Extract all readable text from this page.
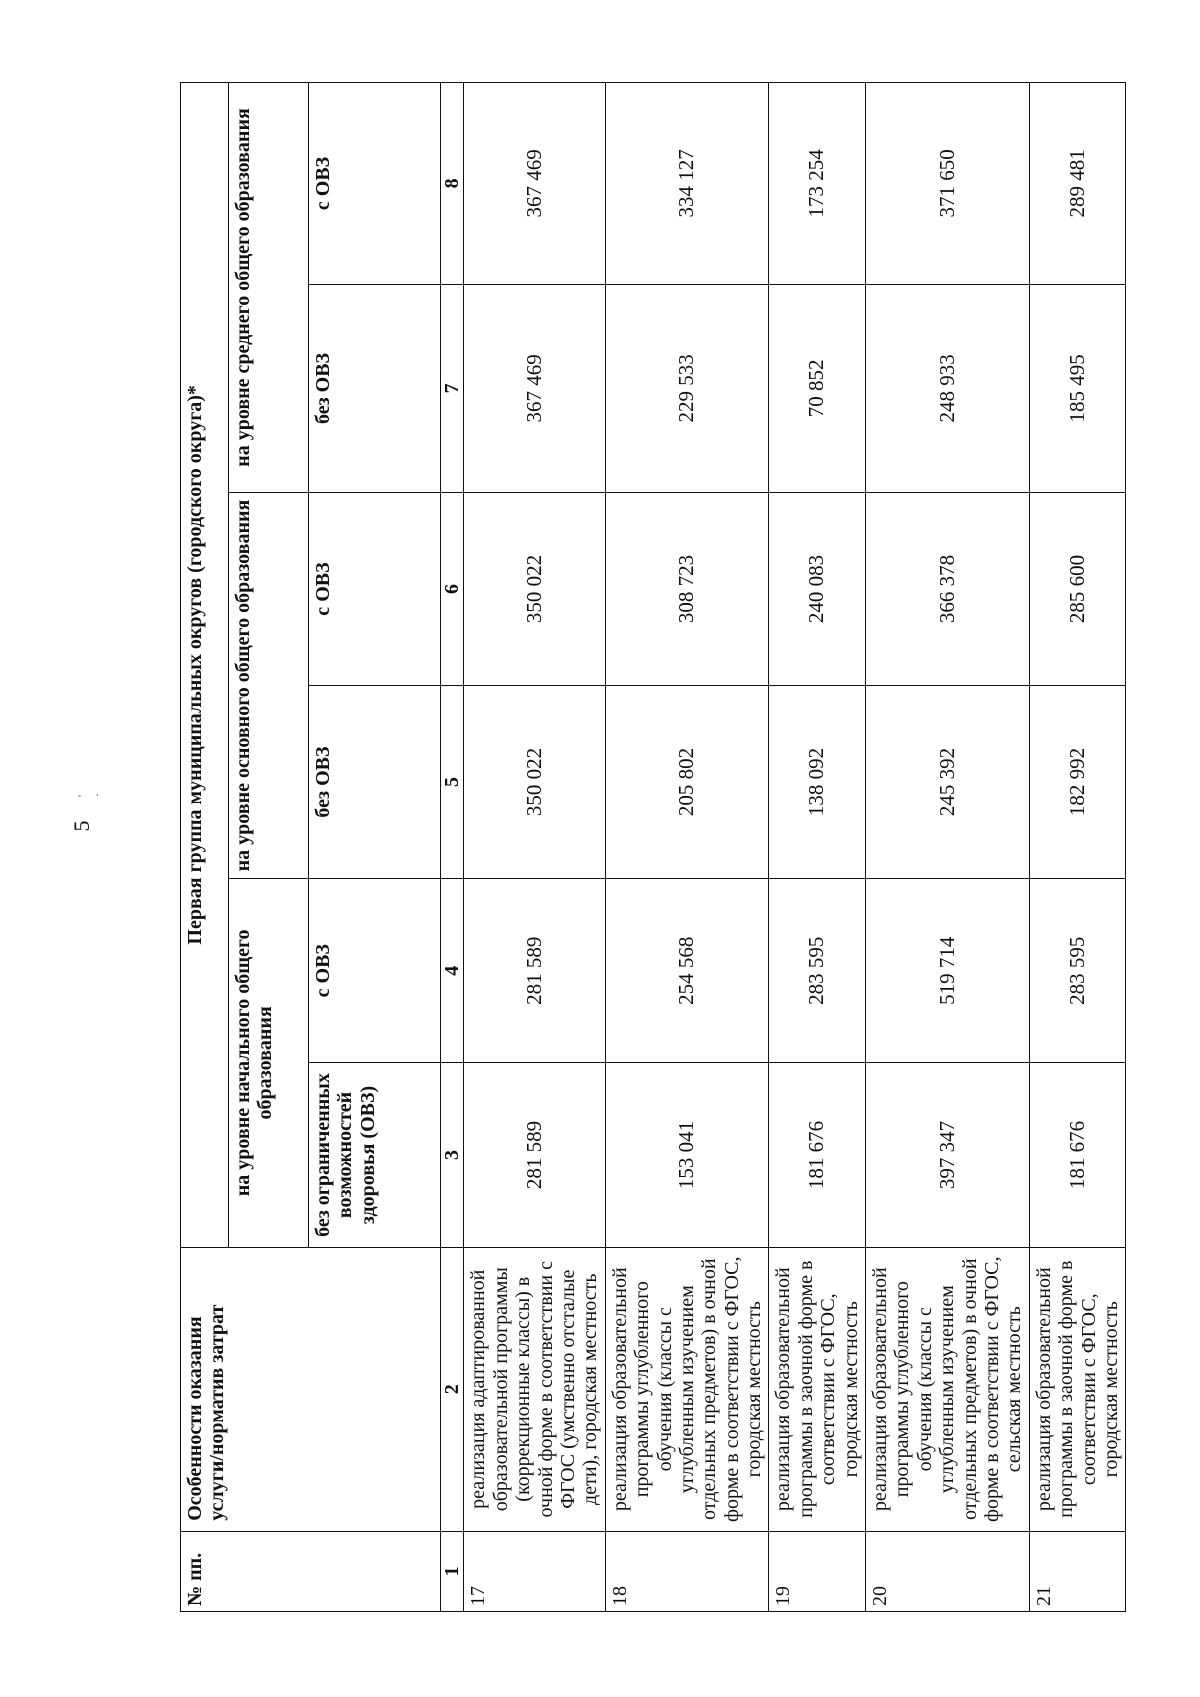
5
' ·
№ пп.	Особенности оказания услуги/норматив затрат	Первая группа муниципальных округов (городского округа)*					
		на уровне начального общего образования		на уровне основного общего образования		на уровне среднего общего образования	
		без ограниченных возможностей здоровья (ОВЗ)	с ОВЗ	без ОВЗ	с ОВЗ	без ОВЗ	с ОВЗ
1	2	3	4	5	6	7	8
17	реализация адаптированной образовательной программы (коррекционные классы) в очной форме в соответствии с ФГОС (умственно отсталые дети), городская местность	281 589	281 589	350 022	350 022	367 469	367 469
18	реализация образовательной программы углубленного обучения (классы с углубленным изучением отдельных предметов) в очной форме в соответствии с ФГОС, городская местность	153 041	254 568	205 802	308 723	229 533	334 127
19	реализация образовательной программы в заочной форме в соответствии с ФГОС, городская местность	181 676	283 595	138 092	240 083	70 852	173 254
20	реализация образовательной программы углубленного обучения (классы с углубленным изучением отдельных предметов) в очной форме в соответствии с ФГОС, сельская местность	397 347	519 714	245 392	366 378	248 933	371 650
21	реализация образовательной программы в заочной форме в соответствии с ФГОС, городская местность	181 676	283 595	182 992	285 600	185 495	289 481
